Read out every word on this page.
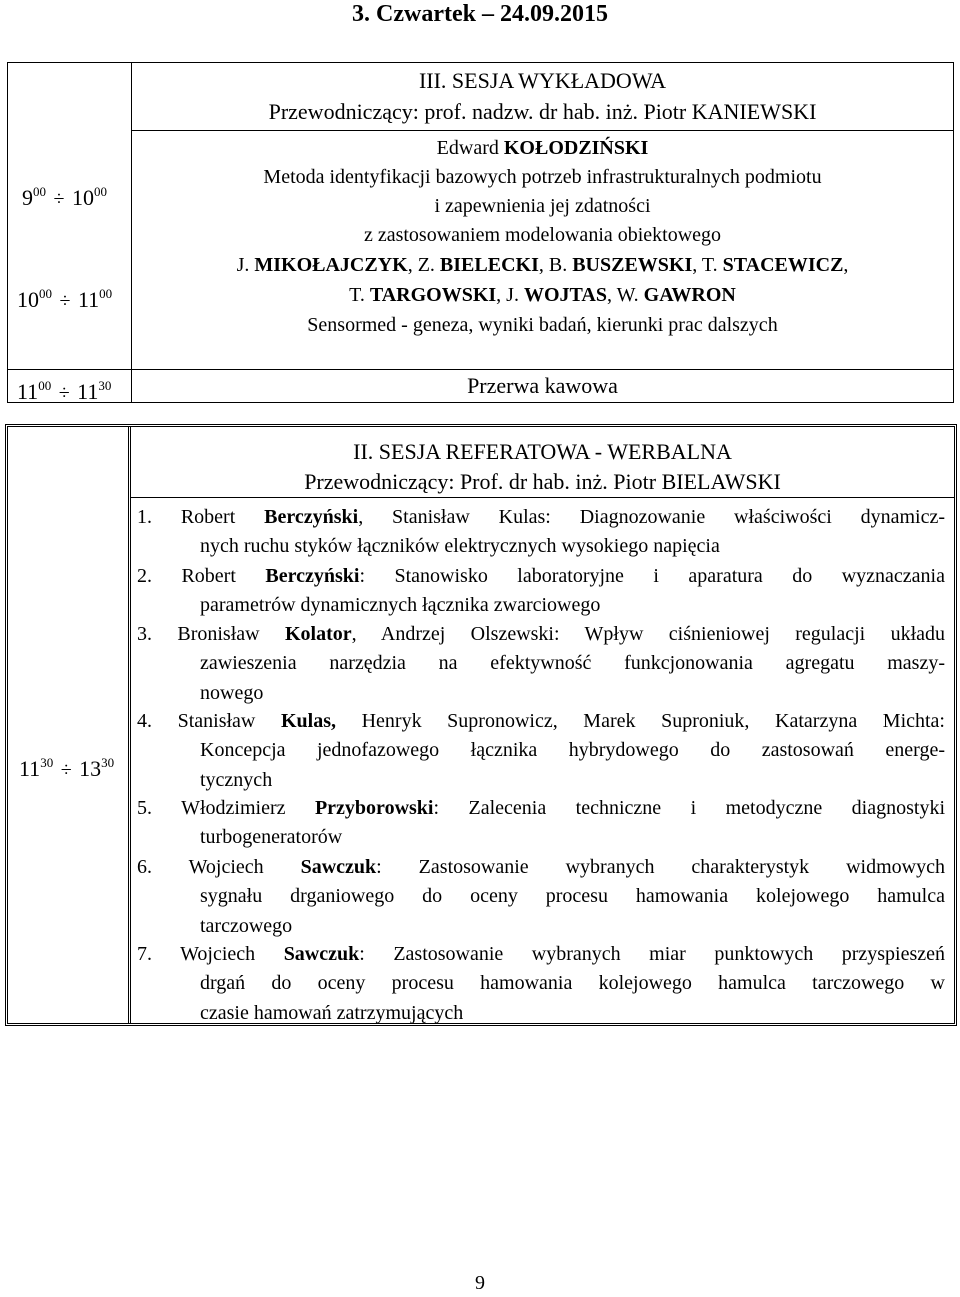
3. Czwartek – 24.09.2015
III. SESJA WYKŁADOWA
Przewodniczący: prof. nadzw. dr hab. inż. Piotr KANIEWSKI
$9^{00} \div 10^{00}$
Edward KOŁODZIŃSKI
Metoda identyfikacji bazowych potrzeb infrastrukturalnych podmiotu
i zapewnienia jej zdatności
z zastosowaniem modelowania obiektowego
$10^{00} \div 11^{00}$
J. MIKOŁAJCZYK, Z. BIELECKI, B. BUSZEWSKI, T. STACEWICZ,
T. TARGOWSKI, J. WOJTAS, W. GAWRON
Sensormed - geneza, wyniki badań, kierunki prac dalszych
$11^{00} \div 11^{30}$	Przerwa kawowa
II. SESJA REFERATOWA - WERBALNA
Przewodniczący: Prof. dr hab. inż. Piotr BIELAWSKI
$11^{30} \div 13^{30}$
1. Robert Berczyński, Stanisław Kulas: Diagnozowanie właściwości dynamicz-
nych ruchu styków łączników elektrycznych wysokiego napięcia
2. Robert Berczyński: Stanowisko laboratoryjne i aparatura do wyznaczania
parametrów dynamicznych łącznika zwarciowego
3. Bronisław Kolator, Andrzej Olszewski: Wpływ ciśnieniowej regulacji układu
zawieszenia narzędzia na efektywność funkcjonowania agregatu maszy-
nowego
4. Stanisław Kulas, Henryk Supronowicz, Marek Suproniuk, Katarzyna Michta:
Koncepcja jednofazowego łącznika hybrydowego do zastosowań energe-
tycznych
5. Włodzimierz Przyborowski: Zalecenia techniczne i metodyczne diagnostyki
turbogeneratorów
6. Wojciech Sawczuk: Zastosowanie wybranych charakterystyk widmowych
sygnału drganiowego do oceny procesu hamowania kolejowego hamulca
tarczowego
7. Wojciech Sawczuk: Zastosowanie wybranych miar punktowych przyspieszeń
drgań do oceny procesu hamowania kolejowego hamulca tarczowego w
czasie hamowań zatrzymujących
9
